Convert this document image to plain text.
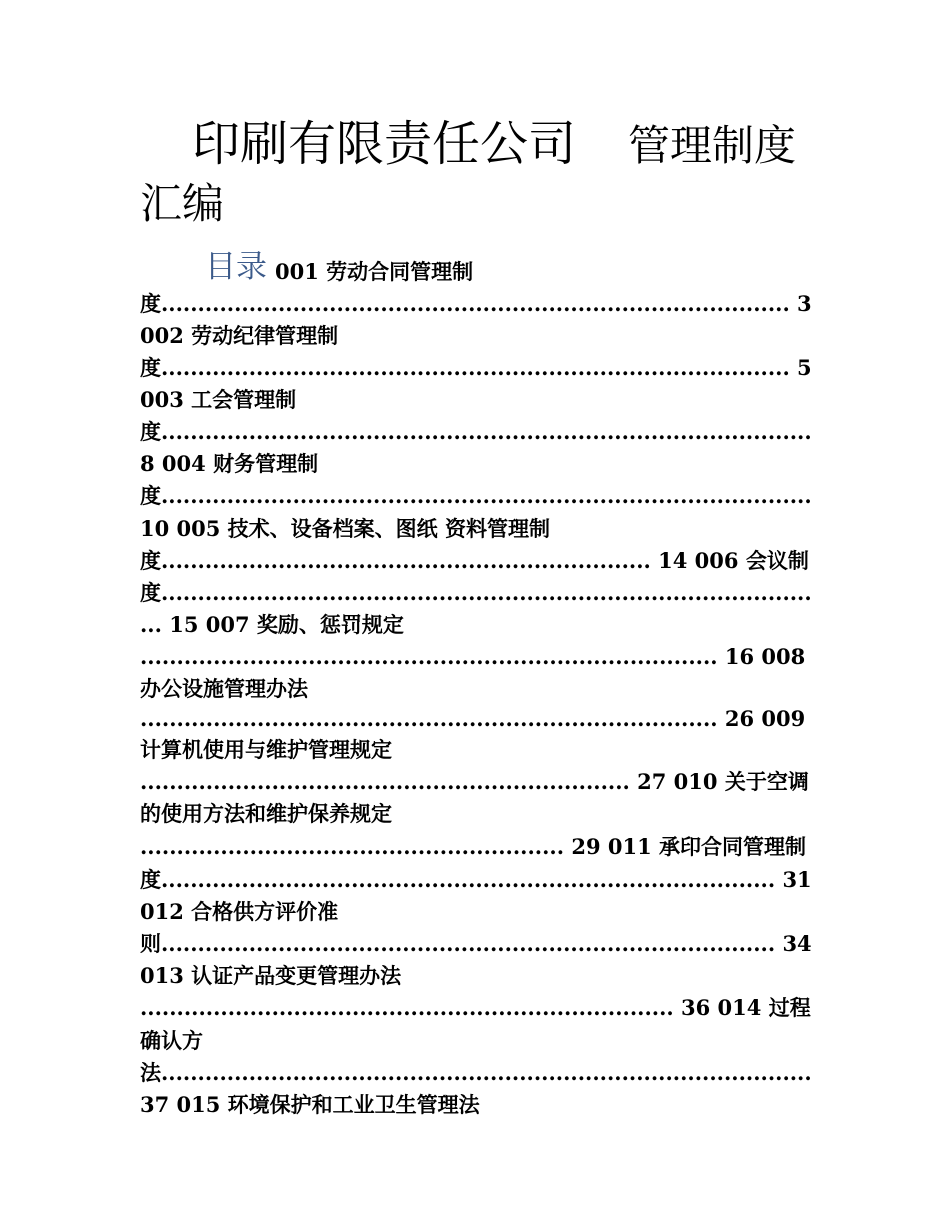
印刷有限责任公司 管理制度
汇编
目录 001 劳动合同管理制
度...................................................................................... 3
002 劳动纪律管理制
度...................................................................................... 5
003 工会管理制
度.........................................................................................
8 004 财务管理制
度.........................................................................................
10 005 技术、设备档案、图纸 资料管理制
度................................................................... 14 006 会议制
度.........................................................................................
... 15 007 奖励、惩罚规定
............................................................................... 16 008
办公设施管理办法
............................................................................... 26 009
计算机使用与维护管理规定
................................................................... 27 010 关于空调
的使用方法和维护保养规定
.......................................................... 29 011 承印合同管理制
度.................................................................................... 31
012 合格供方评价准
则.................................................................................... 34
013 认证产品变更管理办法
......................................................................... 36 014 过程
确认方
法.........................................................................................
37 015 环境保护和工业卫生管理法
